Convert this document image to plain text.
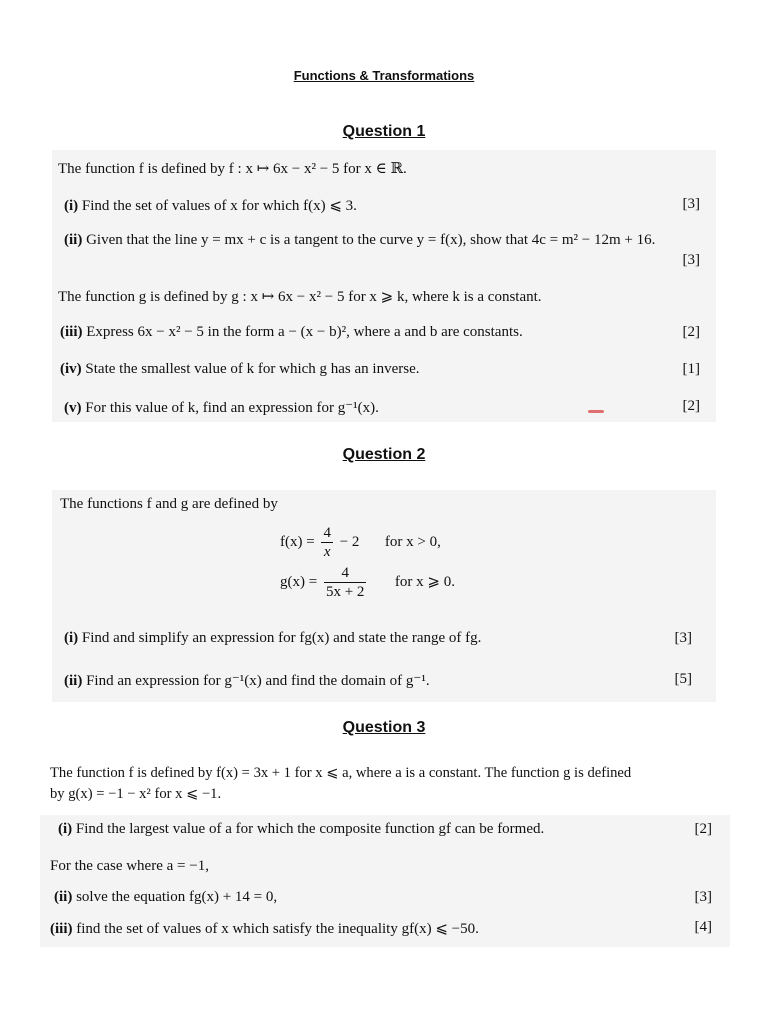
Functions & Transformations
Question 1
The function f is defined by f : x ↦ 6x − x² − 5 for x ∈ ℝ.
(i) Find the set of values of x for which f(x) ⩽ 3.	[3]
(ii) Given that the line y = mx + c is a tangent to the curve y = f(x), show that 4c = m² − 12m + 16.
[3]
The function g is defined by g : x ↦ 6x − x² − 5 for x ⩾ k, where k is a constant.
(iii) Express 6x − x² − 5 in the form a − (x − b)², where a and b are constants.	[2]
(iv) State the smallest value of k for which g has an inverse.	[1]
(v) For this value of k, find an expression for g⁻¹(x).	[2]
Question 2
The functions f and g are defined by
$f(x) = \frac{4}{x} - 2$ for x > 0,
$g(x) = \frac{4}{5x + 2}$ for x ⩾ 0.
(i) Find and simplify an expression for fg(x) and state the range of fg.	[3]
(ii) Find an expression for g⁻¹(x) and find the domain of g⁻¹.	[5]
Question 3
The function f is defined by f(x) = 3x + 1 for x ⩽ a, where a is a constant. The function g is defined
by g(x) = −1 − x² for x ⩽ −1.
(i) Find the largest value of a for which the composite function gf can be formed.	[2]
For the case where a = −1,
(ii) solve the equation fg(x) + 14 = 0,	[3]
(iii) find the set of values of x which satisfy the inequality gf(x) ⩽ −50.	[4]
